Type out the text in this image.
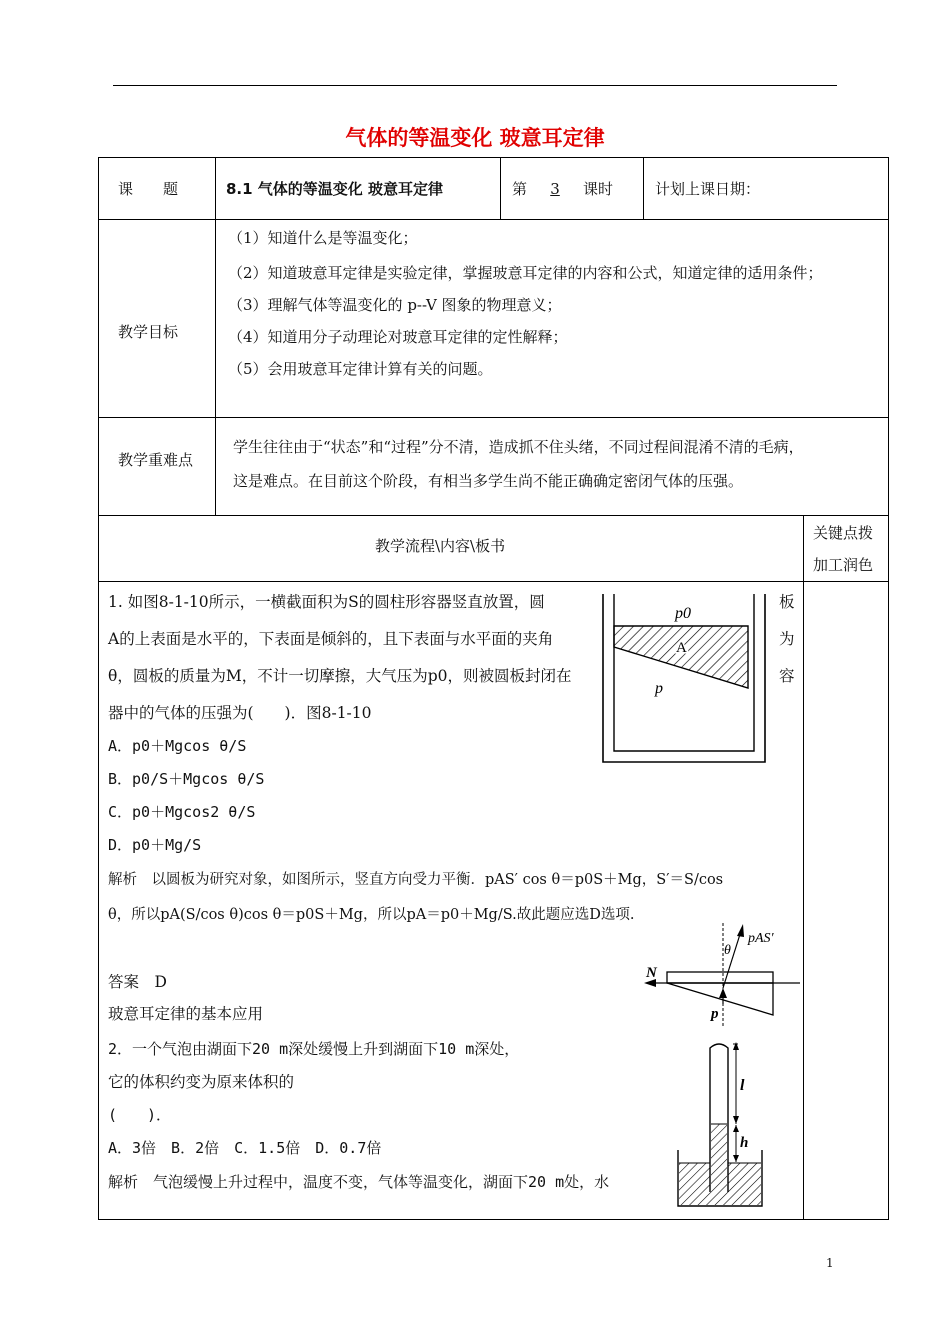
气体的等温变化 玻意耳定律
课　　题	8.1 气体的等温变化 玻意耳定律	第 3 课时	计划上课日期：
教学目标
（1）知道什么是等温变化；
（2）知道玻意耳定律是实验定律，掌握玻意耳定律的内容和公式，知道定律的适用条件；
（3）理解气体等温变化的 p--V 图象的物理意义；
（4）知道用分子动理论对玻意耳定律的定性解释；
（5）会用玻意耳定律计算有关的问题。
教学重难点
学生往往由于“状态”和“过程”分不清，造成抓不住头绪，不同过程间混淆不清的毛病，
这是难点。在目前这个阶段，有相当多学生尚不能正确确定密闭气体的压强。
教学流程\内容\板书
关键点拨
加工润色
1. 如图8-1-10所示，一横截面积为S的圆柱形容器竖直放置，圆
A的上表面是水平的，下表面是倾斜的，且下表面与水平面的夹角
θ，圆板的质量为M，不计一切摩擦，大气压为p0，则被圆板封闭在
器中的气体的压强为(　　)．图8-1-10
板
为
容
A．p0＋Mgcos θ/S
B．p0/S＋Mgcos θ/S
C．p0＋Mgcos2 θ/S
D．p0＋Mg/S
解析　以圆板为研究对象，如图所示，竖直方向受力平衡．pAS′ cos θ＝p0S＋Mg，S′＝S/cos
θ，所以pA(S/cos θ)cos θ＝p0S＋Mg，所以pA＝p0＋Mg/S.故此题应选D选项.
答案　D
玻意耳定律的基本应用
p0
A
p
N
θ
pAS′
p
2．一个气泡由湖面下20 m深处缓慢上升到湖面下10 m深处，
它的体积约变为原来体积的
(　　)．
A．3倍　B．2倍　C．1.5倍　D．0.7倍
解析　气泡缓慢上升过程中，温度不变，气体等温变化，湖面下20 m处，水
l
h
1
